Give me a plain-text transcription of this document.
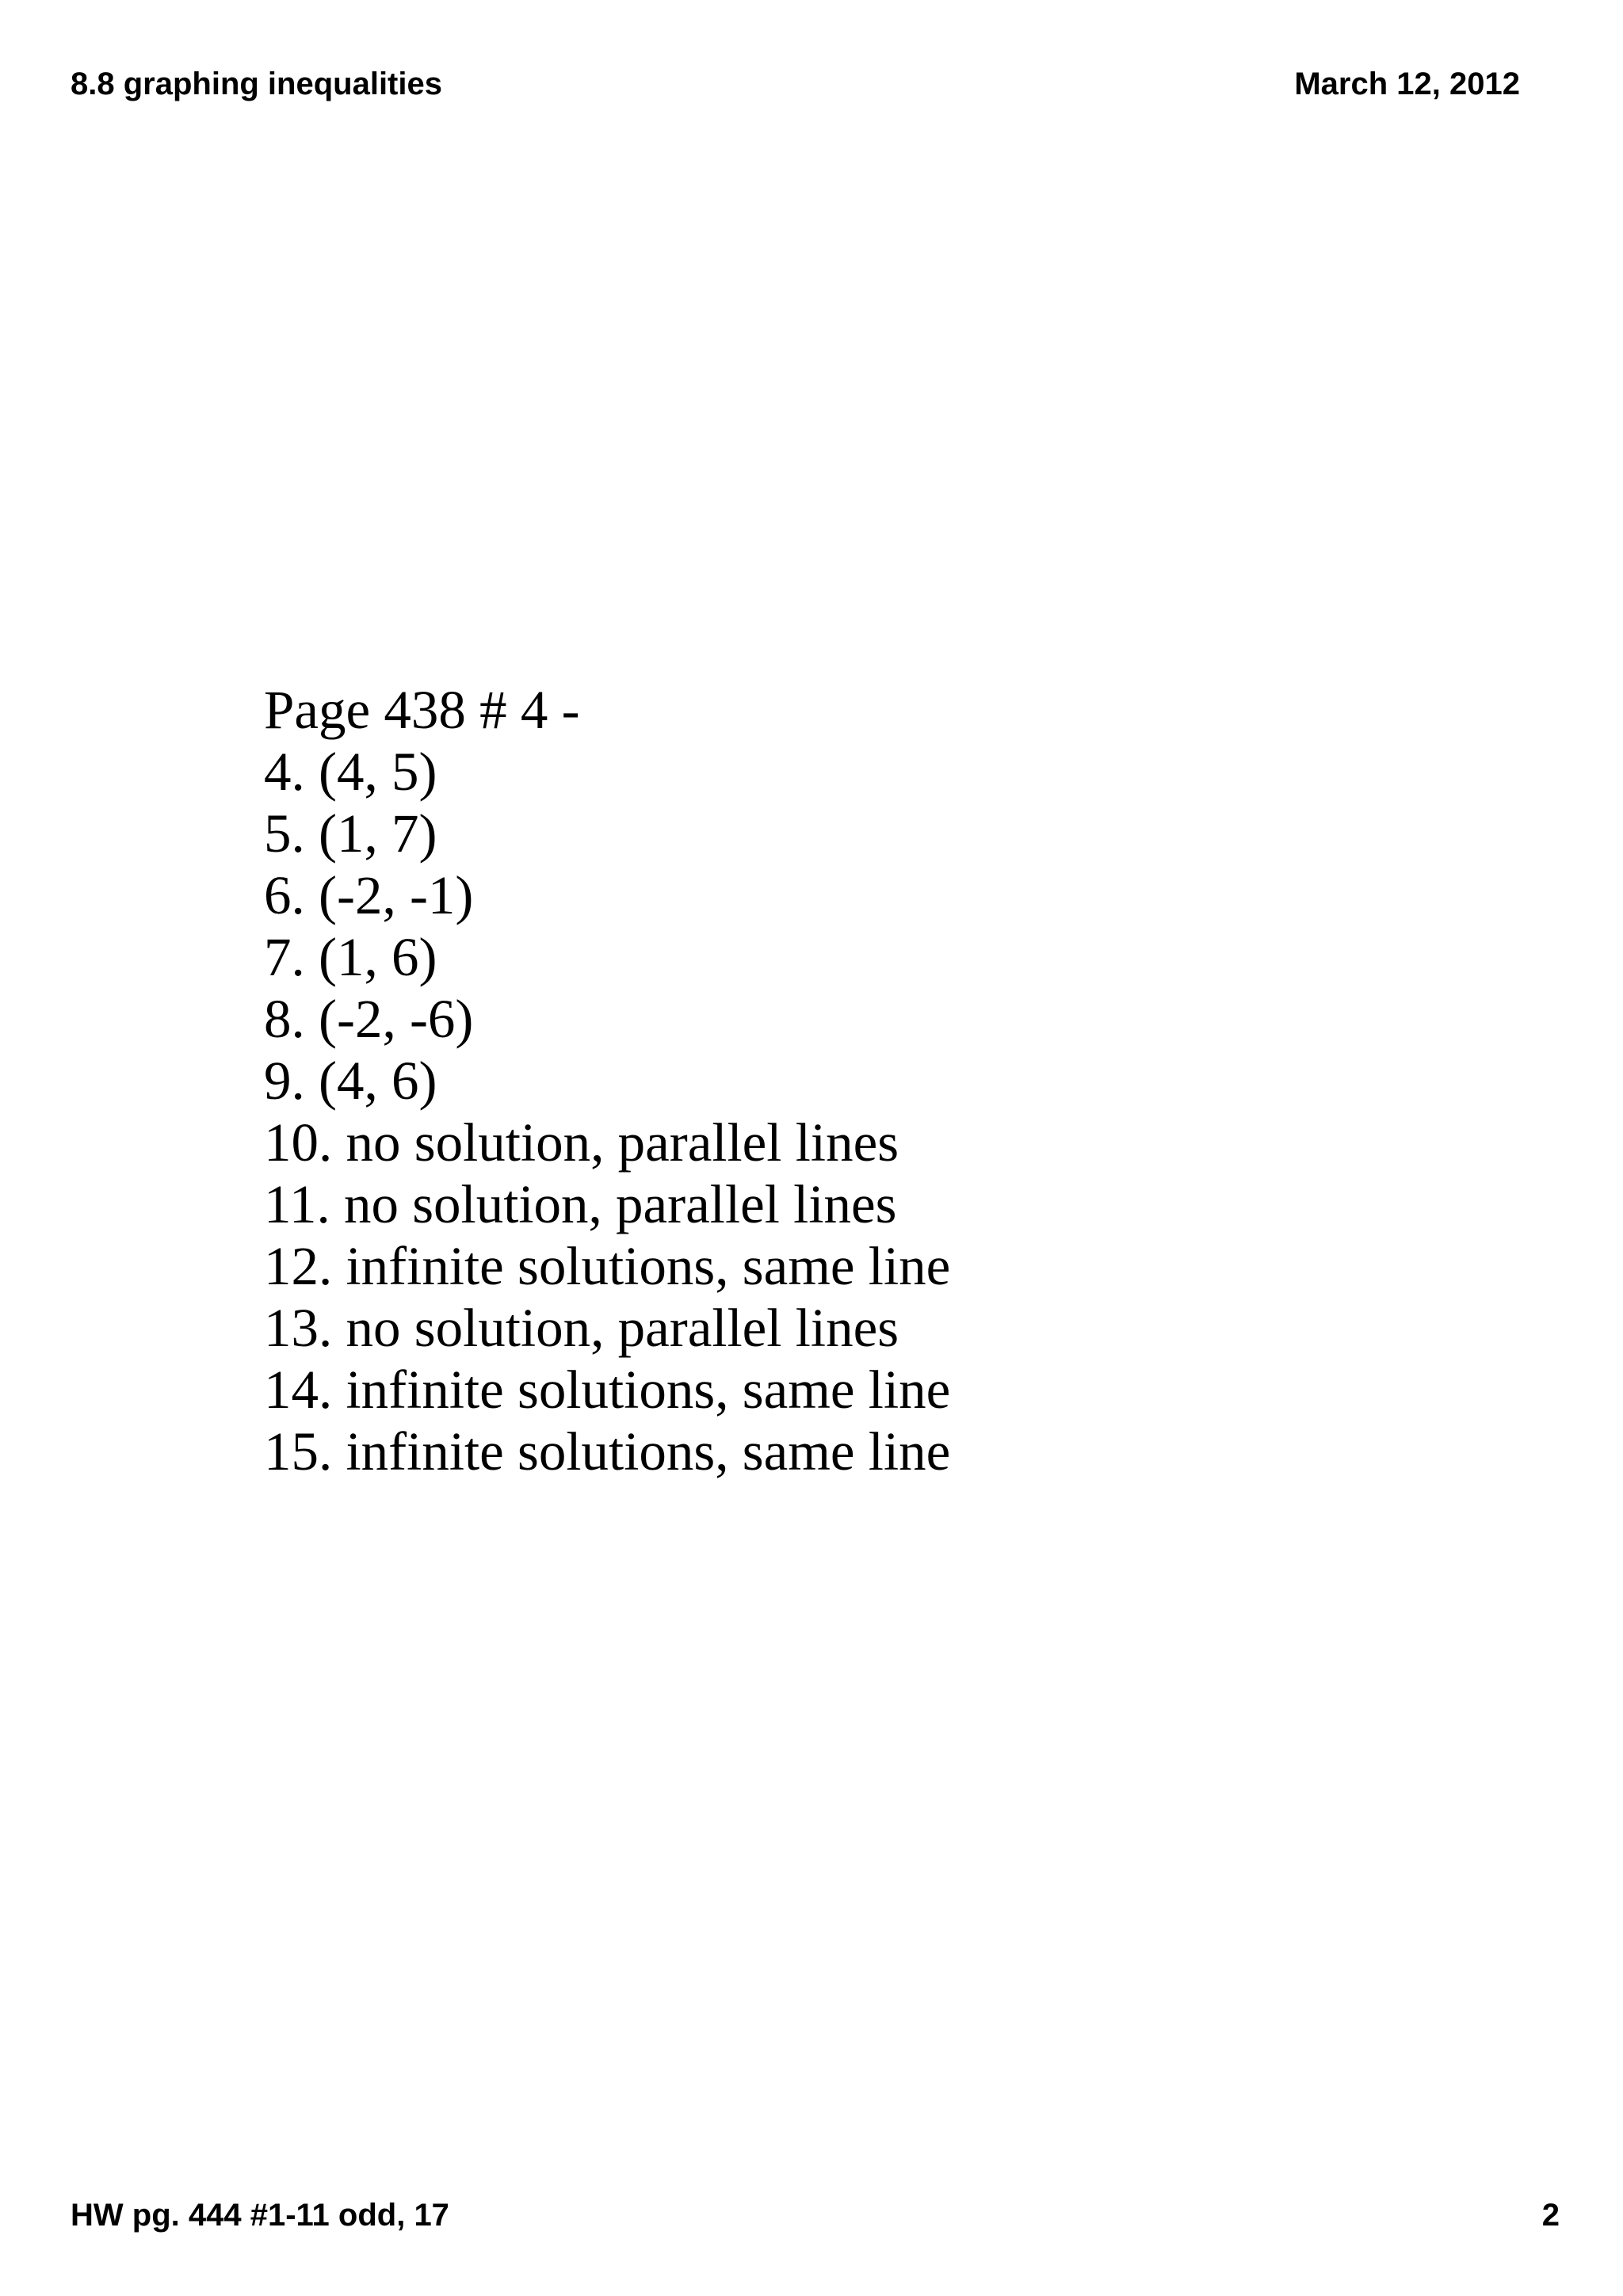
8.8 graphing inequalities	March 12, 2012
Page 438 # 4 -
4. (4, 5)
5. (1, 7)
6. (-2, -1)
7. (1, 6)
8. (-2, -6)
9. (4, 6)
10. no solution, parallel lines
11. no solution, parallel lines
12. infinite solutions, same line
13. no solution, parallel lines
14. infinite solutions, same line
15. infinite solutions, same line
HW pg. 444 #1-11 odd, 17	2
